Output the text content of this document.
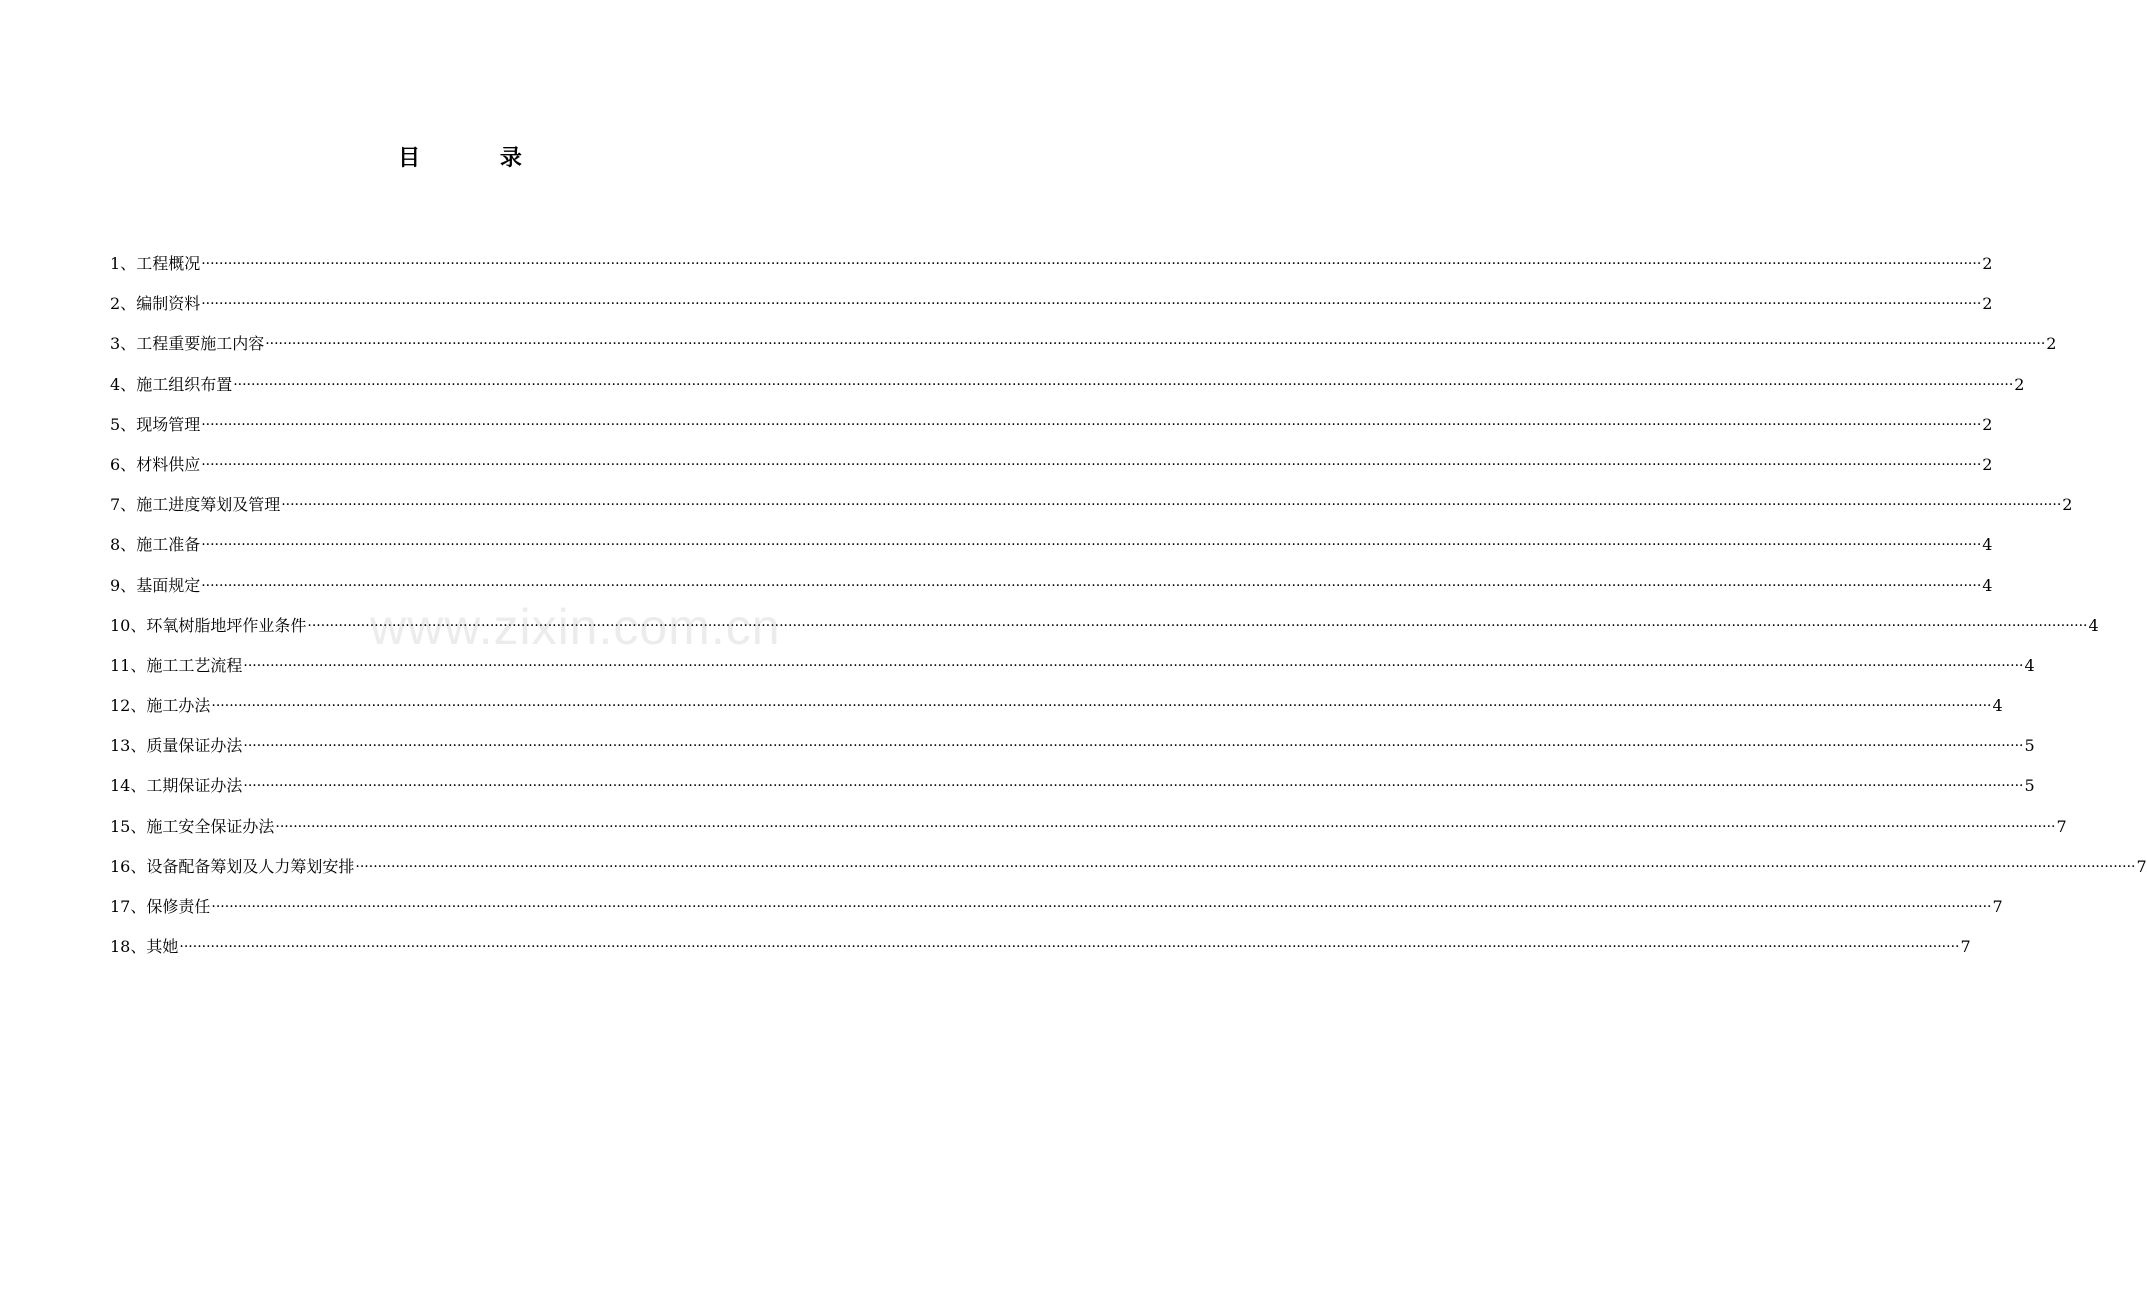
目 录
1、 工程概况 ················································································································································································································································································································································································································ 2
2、 编制资料 ················································································································································································································································································································································································································ 2
3、 工程重要施工内容 ················································································································································································································································································································································································································ 2
4、 施工组织布置 ················································································································································································································································································································································································································ 2
5、 现场管理 ················································································································································································································································································································································································································ 2
6、 材料供应 ················································································································································································································································································································································································································ 2
7、 施工进度筹划及管理 ················································································································································································································································································································································································································ 2
8、 施工准备 ················································································································································································································································································································································································································ 4
9、 基面规定 ················································································································································································································································································································································································································ 4
10、 环氧树脂地坪作业条件 ················································································································································································································································································································································································································ 4
11、 施工工艺流程 ················································································································································································································································································································································································································ 4
12、 施工办法 ················································································································································································································································································································································································································ 4
13、 质量保证办法 ················································································································································································································································································································································································································ 5
14、 工期保证办法 ················································································································································································································································································································································································································ 5
15、 施工安全保证办法 ················································································································································································································································································································································································································ 7
16、 设备配备筹划及人力筹划安排 ················································································································································································································································································································································································································ 7
17、 保修责任 ················································································································································································································································································································································································································ 7
18、 其她 ················································································································································································································································································································································································································ 7
www.zixin.com.cn
